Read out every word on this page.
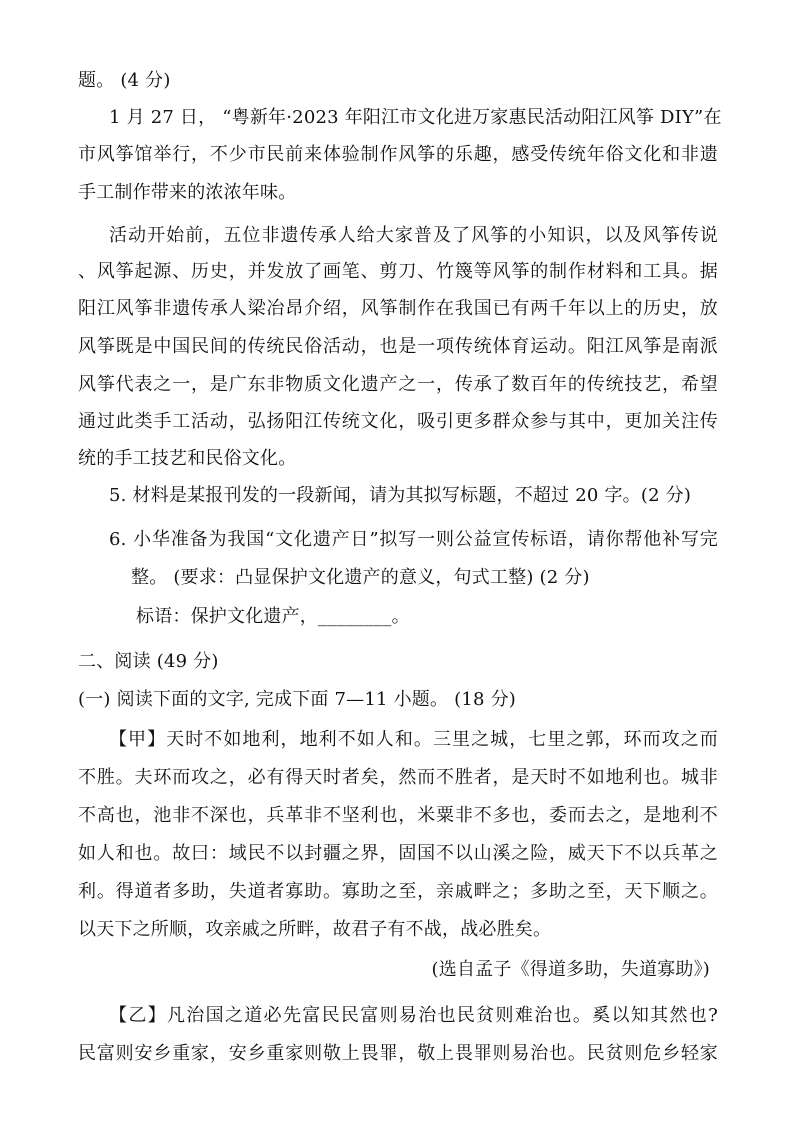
题。 (4 分)
1 月 27 日， “粤新年·2023 年阳江市文化进万家惠民活动阳江风筝 DIY”在
市风筝馆举行，不少市民前来体验制作风筝的乐趣，感受传统年俗文化和非遗
手工制作带来的浓浓年味。
活动开始前，五位非遗传承人给大家普及了风筝的小知识，以及风筝传说
、风筝起源、历史，并发放了画笔、剪刀、竹篾等风筝的制作材料和工具。据
阳江风筝非遗传承人梁冶昂介绍，风筝制作在我国已有两千年以上的历史，放
风筝既是中国民间的传统民俗活动，也是一项传统体育运动。阳江风筝是南派
风筝代表之一，是广东非物质文化遗产之一，传承了数百年的传统技艺，希望
通过此类手工活动，弘扬阳江传统文化，吸引更多群众参与其中，更加关注传
统的手工技艺和民俗文化。
5. 材料是某报刊发的一段新闻，请为其拟写标题，不超过 20 字。(2 分)
6. 小华准备为我国“文化遗产日”拟写一则公益宣传标语，请你帮他补写完
整。 (要求：凸显保护文化遗产的意义，句式工整) (2 分)
标语：保护文化遗产，________。
二、阅读 (49 分)
(一) 阅读下面的文字, 完成下面 7—11 小题。 (18 分)
【甲】天时不如地利，地利不如人和。三里之城，七里之郭，环而攻之而
不胜。夫环而攻之，必有得天时者矣，然而不胜者，是天时不如地利也。城非
不高也，池非不深也，兵革非不坚利也，米粟非不多也，委而去之，是地利不
如人和也。故曰：域民不以封疆之界，固国不以山溪之险，威天下不以兵革之
利。得道者多助，失道者寡助。寡助之至，亲戚畔之；多助之至，天下顺之。
以天下之所顺，攻亲戚之所畔，故君子有不战，战必胜矣。
(选自孟子《得道多助，失道寡助》)
【乙】凡治国之道必先富民民富则易治也民贫则难治也。奚以知其然也?
民富则安乡重家，安乡重家则敬上畏罪，敬上畏罪则易治也。民贫则危乡轻家
